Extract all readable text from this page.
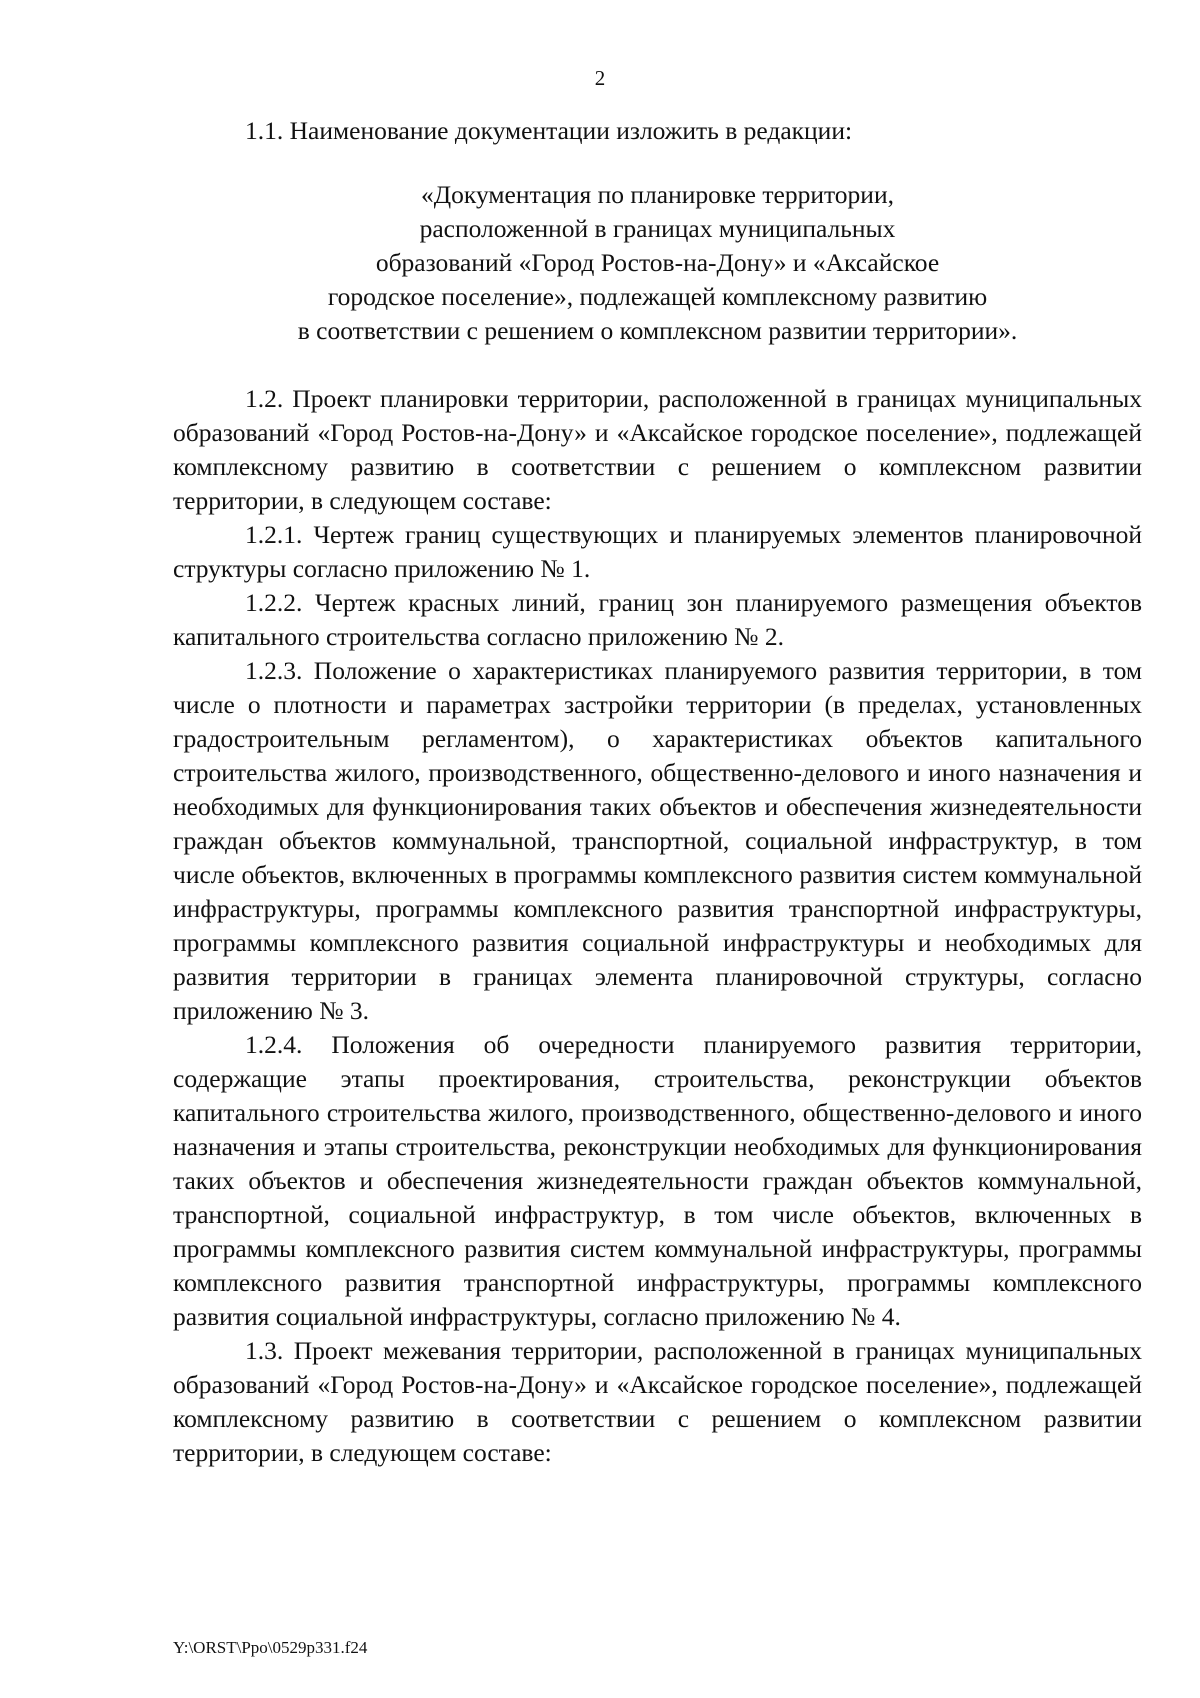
2

1.1. Наименование документации изложить в редакции:

«Документация по планировке территории,
расположенной в границах муниципальных
образований «Город Ростов-на-Дону» и «Аксайское
городское поселение», подлежащей комплексному развитию
в соответствии с решением о комплексном развитии территории».

1.2. Проект планировки территории, расположенной в границах муниципальных образований «Город Ростов-на-Дону» и «Аксайское городское поселение», подлежащей комплексному развитию в соответствии с решением о комплексном развитии территории, в следующем составе:

1.2.1. Чертеж границ существующих и планируемых элементов планировочной структуры согласно приложению № 1.

1.2.2. Чертеж красных линий, границ зон планируемого размещения объектов капитального строительства согласно приложению № 2.

1.2.3. Положение о характеристиках планируемого развития территории, в том числе о плотности и параметрах застройки территории (в пределах, установленных градостроительным регламентом), о характеристиках объектов капитального строительства жилого, производственного, общественно-делового и иного назначения и необходимых для функционирования таких объектов и обеспечения жизнедеятельности граждан объектов коммунальной, транспортной, социальной инфраструктур, в том числе объектов, включенных в программы комплексного развития систем коммунальной инфраструктуры, программы комплексного развития транспортной инфраструктуры, программы комплексного развития социальной инфраструктуры и необходимых для развития территории в границах элемента планировочной структуры, согласно приложению № 3.

1.2.4. Положения об очередности планируемого развития территории, содержащие этапы проектирования, строительства, реконструкции объектов капитального строительства жилого, производственного, общественно-делового и иного назначения и этапы строительства, реконструкции необходимых для функционирования таких объектов и обеспечения жизнедеятельности граждан объектов коммунальной, транспортной, социальной инфраструктур, в том числе объектов, включенных в программы комплексного развития систем коммунальной инфраструктуры, программы комплексного развития транспортной инфраструктуры, программы комплексного развития социальной инфраструктуры, согласно приложению № 4.

1.3. Проект межевания территории, расположенной в границах муниципальных образований «Город Ростов-на-Дону» и «Аксайское городское поселение», подлежащей комплексному развитию в соответствии с решением о комплексном развитии территории, в следующем составе:

Y:\ORST\Ppo\0529p331.f24
